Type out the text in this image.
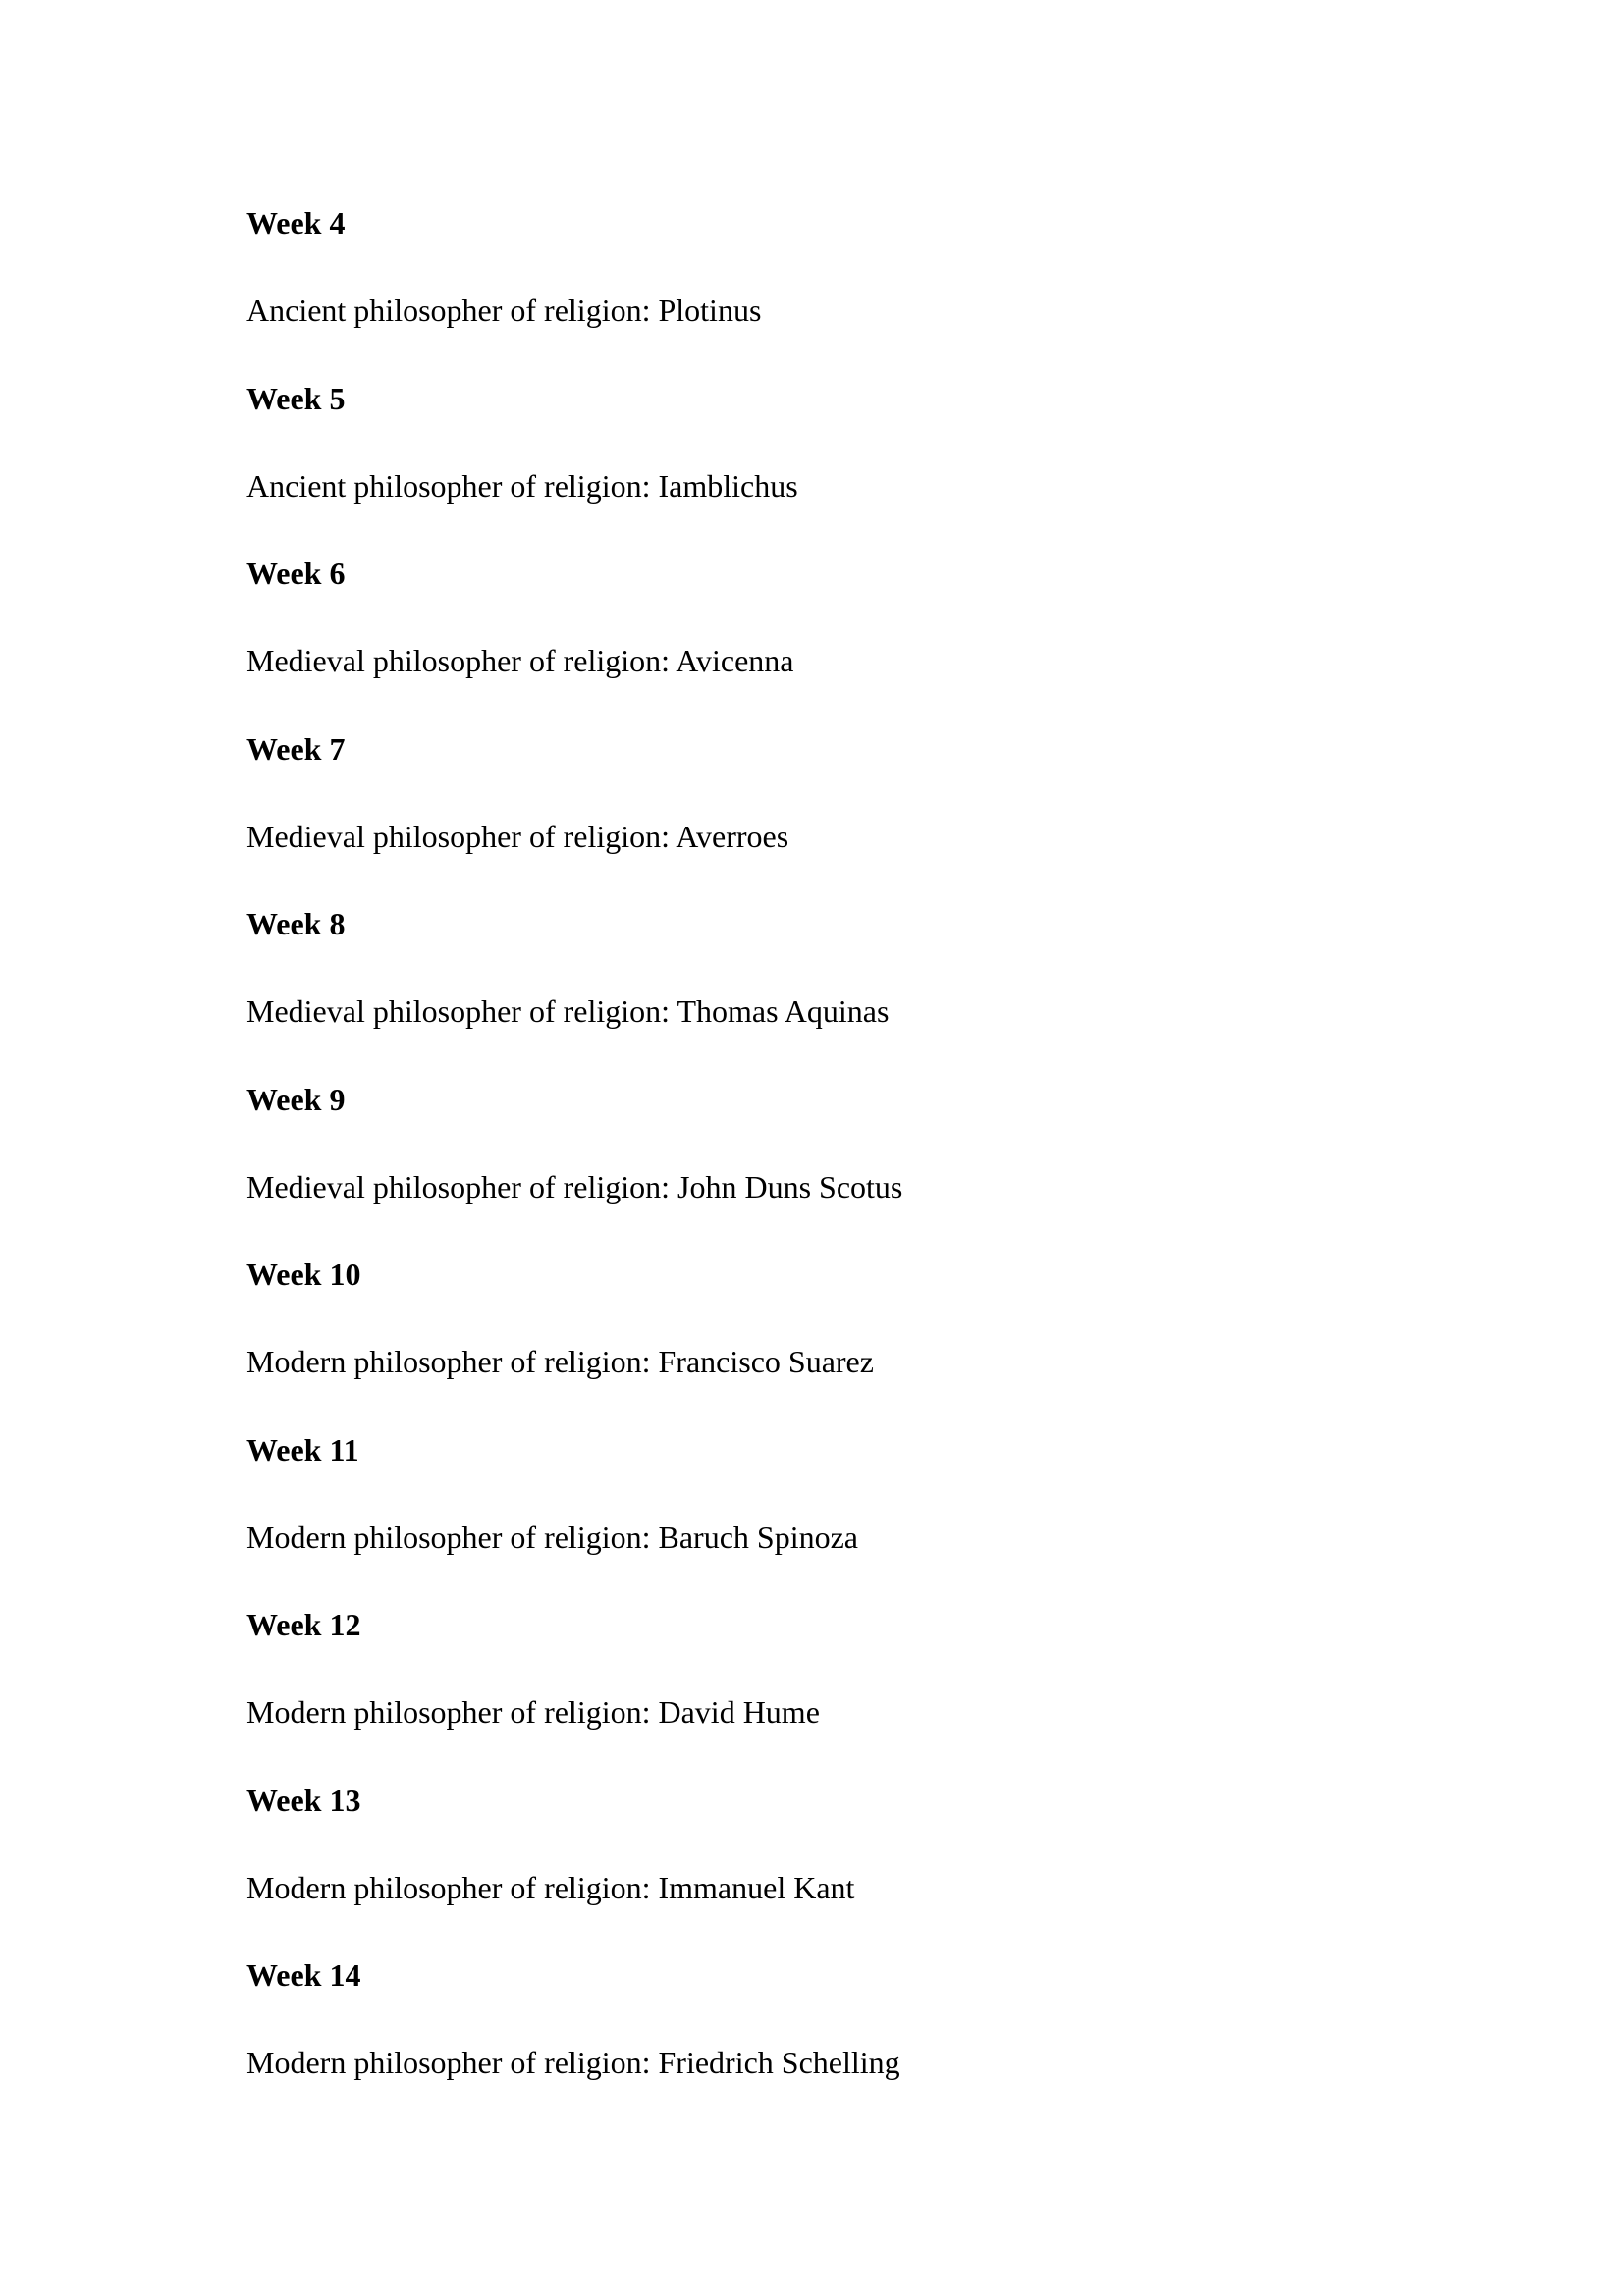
Week 4

Ancient philosopher of religion: Plotinus

Week 5

Ancient philosopher of religion: Iamblichus

Week 6

Medieval philosopher of religion: Avicenna

Week 7

Medieval philosopher of religion: Averroes

Week 8

Medieval philosopher of religion: Thomas Aquinas

Week 9

Medieval philosopher of religion: John Duns Scotus

Week 10

Modern philosopher of religion: Francisco Suarez

Week 11

Modern philosopher of religion: Baruch Spinoza

Week 12

Modern philosopher of religion: David Hume

Week 13

Modern philosopher of religion: Immanuel Kant

Week 14

Modern philosopher of religion: Friedrich Schelling
